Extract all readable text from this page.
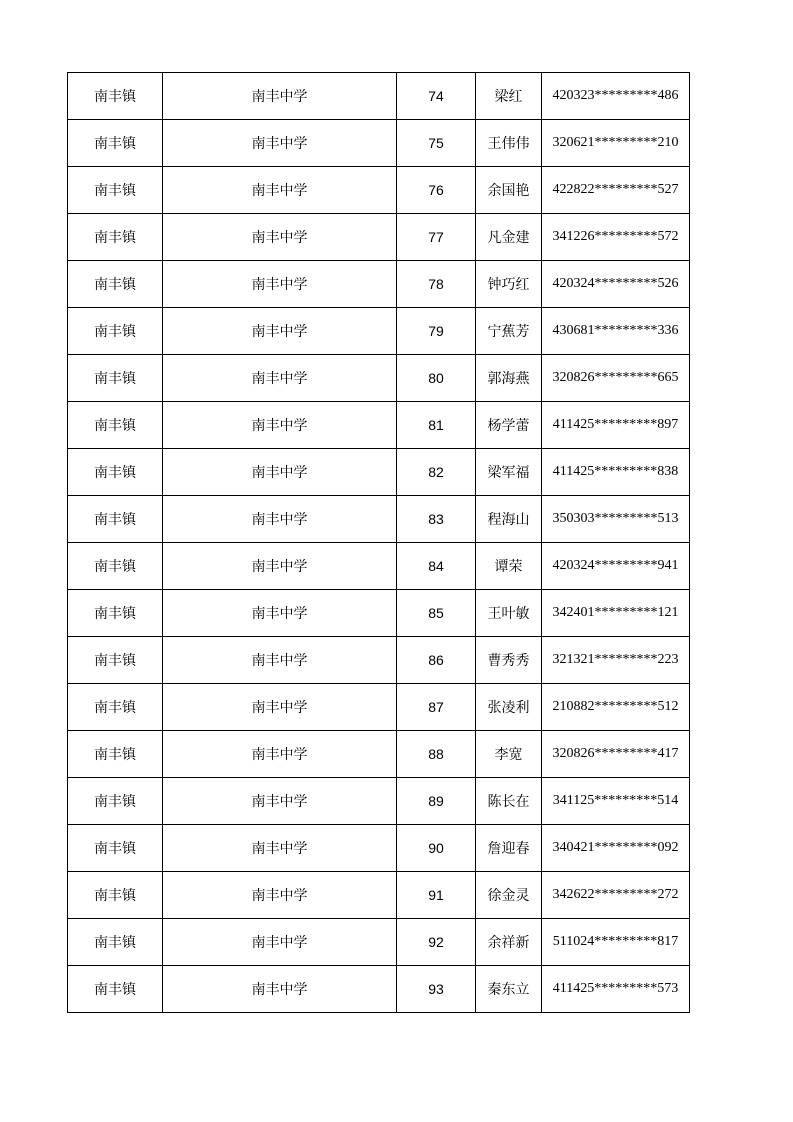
南丰镇	南丰中学	74	梁红	420323*********486
南丰镇	南丰中学	75	王伟伟	320621*********210
南丰镇	南丰中学	76	余国艳	422822*********527
南丰镇	南丰中学	77	凡金建	341226*********572
南丰镇	南丰中学	78	钟巧红	420324*********526
南丰镇	南丰中学	79	宁蕉芳	430681*********336
南丰镇	南丰中学	80	郭海燕	320826*********665
南丰镇	南丰中学	81	杨学蕾	411425*********897
南丰镇	南丰中学	82	梁军福	411425*********838
南丰镇	南丰中学	83	程海山	350303*********513
南丰镇	南丰中学	84	谭荣	420324*********941
南丰镇	南丰中学	85	王叶敏	342401*********121
南丰镇	南丰中学	86	曹秀秀	321321*********223
南丰镇	南丰中学	87	张凌利	210882*********512
南丰镇	南丰中学	88	李宽	320826*********417
南丰镇	南丰中学	89	陈长在	341125*********514
南丰镇	南丰中学	90	詹迎春	340421*********092
南丰镇	南丰中学	91	徐金灵	342622*********272
南丰镇	南丰中学	92	余祥新	511024*********817
南丰镇	南丰中学	93	秦东立	411425*********573
